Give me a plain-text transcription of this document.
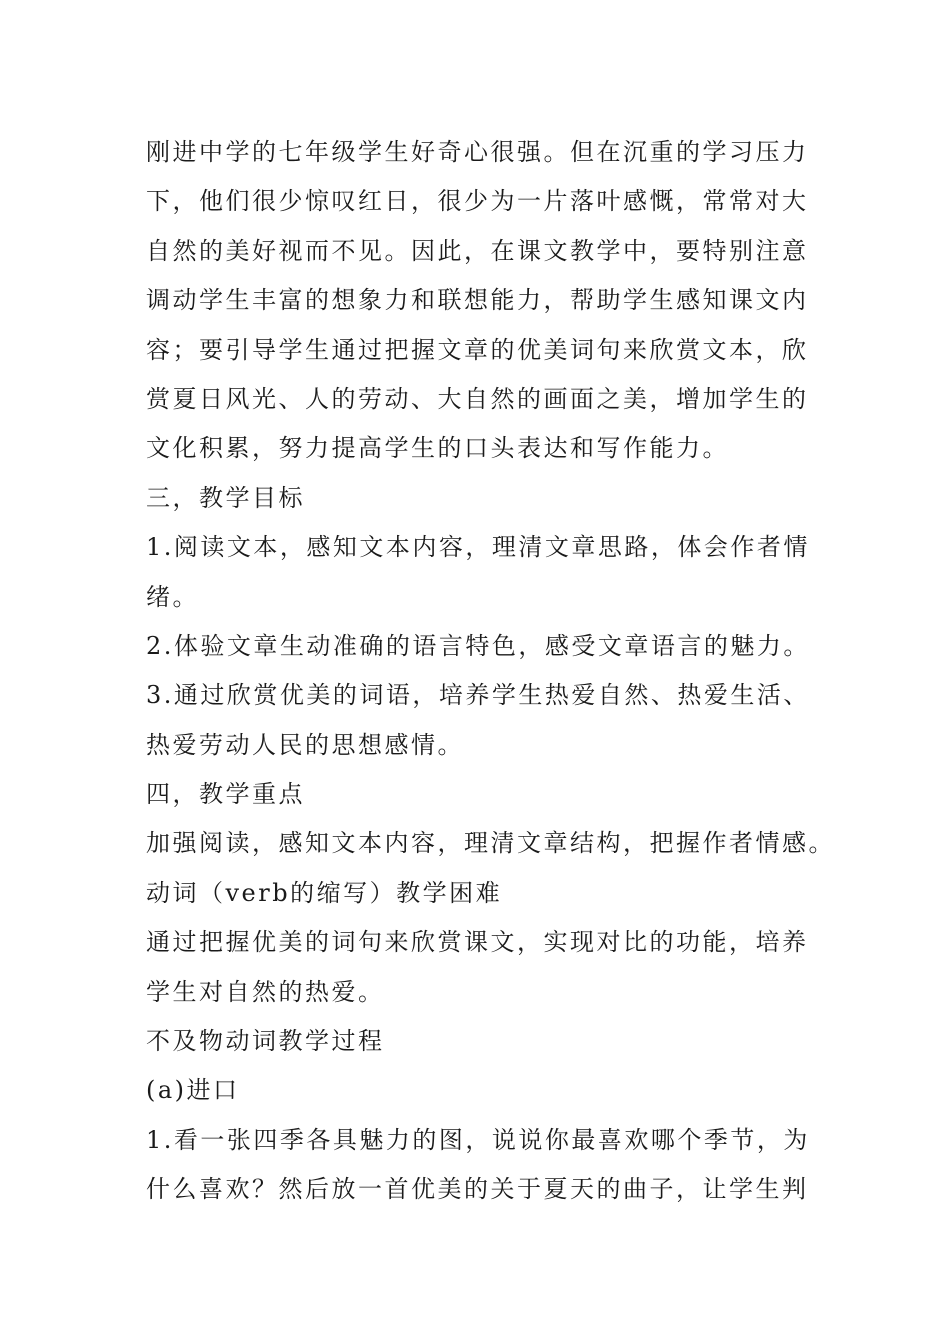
刚进中学的七年级学生好奇心很强。但在沉重的学习压力
下，他们很少惊叹红日，很少为一片落叶感慨，常常对大
自然的美好视而不见。因此，在课文教学中，要特别注意
调动学生丰富的想象力和联想能力，帮助学生感知课文内
容；要引导学生通过把握文章的优美词句来欣赏文本，欣
赏夏日风光、人的劳动、大自然的画面之美，增加学生的
文化积累，努力提高学生的口头表达和写作能力。
三，教学目标
1.阅读文本，感知文本内容，理清文章思路，体会作者情
绪。
2.体验文章生动准确的语言特色，感受文章语言的魅力。
3.通过欣赏优美的词语，培养学生热爱自然、热爱生活、
热爱劳动人民的思想感情。
四，教学重点
加强阅读，感知文本内容，理清文章结构，把握作者情感。
动词（verb的缩写）教学困难
通过把握优美的词句来欣赏课文，实现对比的功能，培养
学生对自然的热爱。
不及物动词教学过程
(a)进口
1.看一张四季各具魅力的图，说说你最喜欢哪个季节，为
什么喜欢？然后放一首优美的关于夏天的曲子，让学生判
